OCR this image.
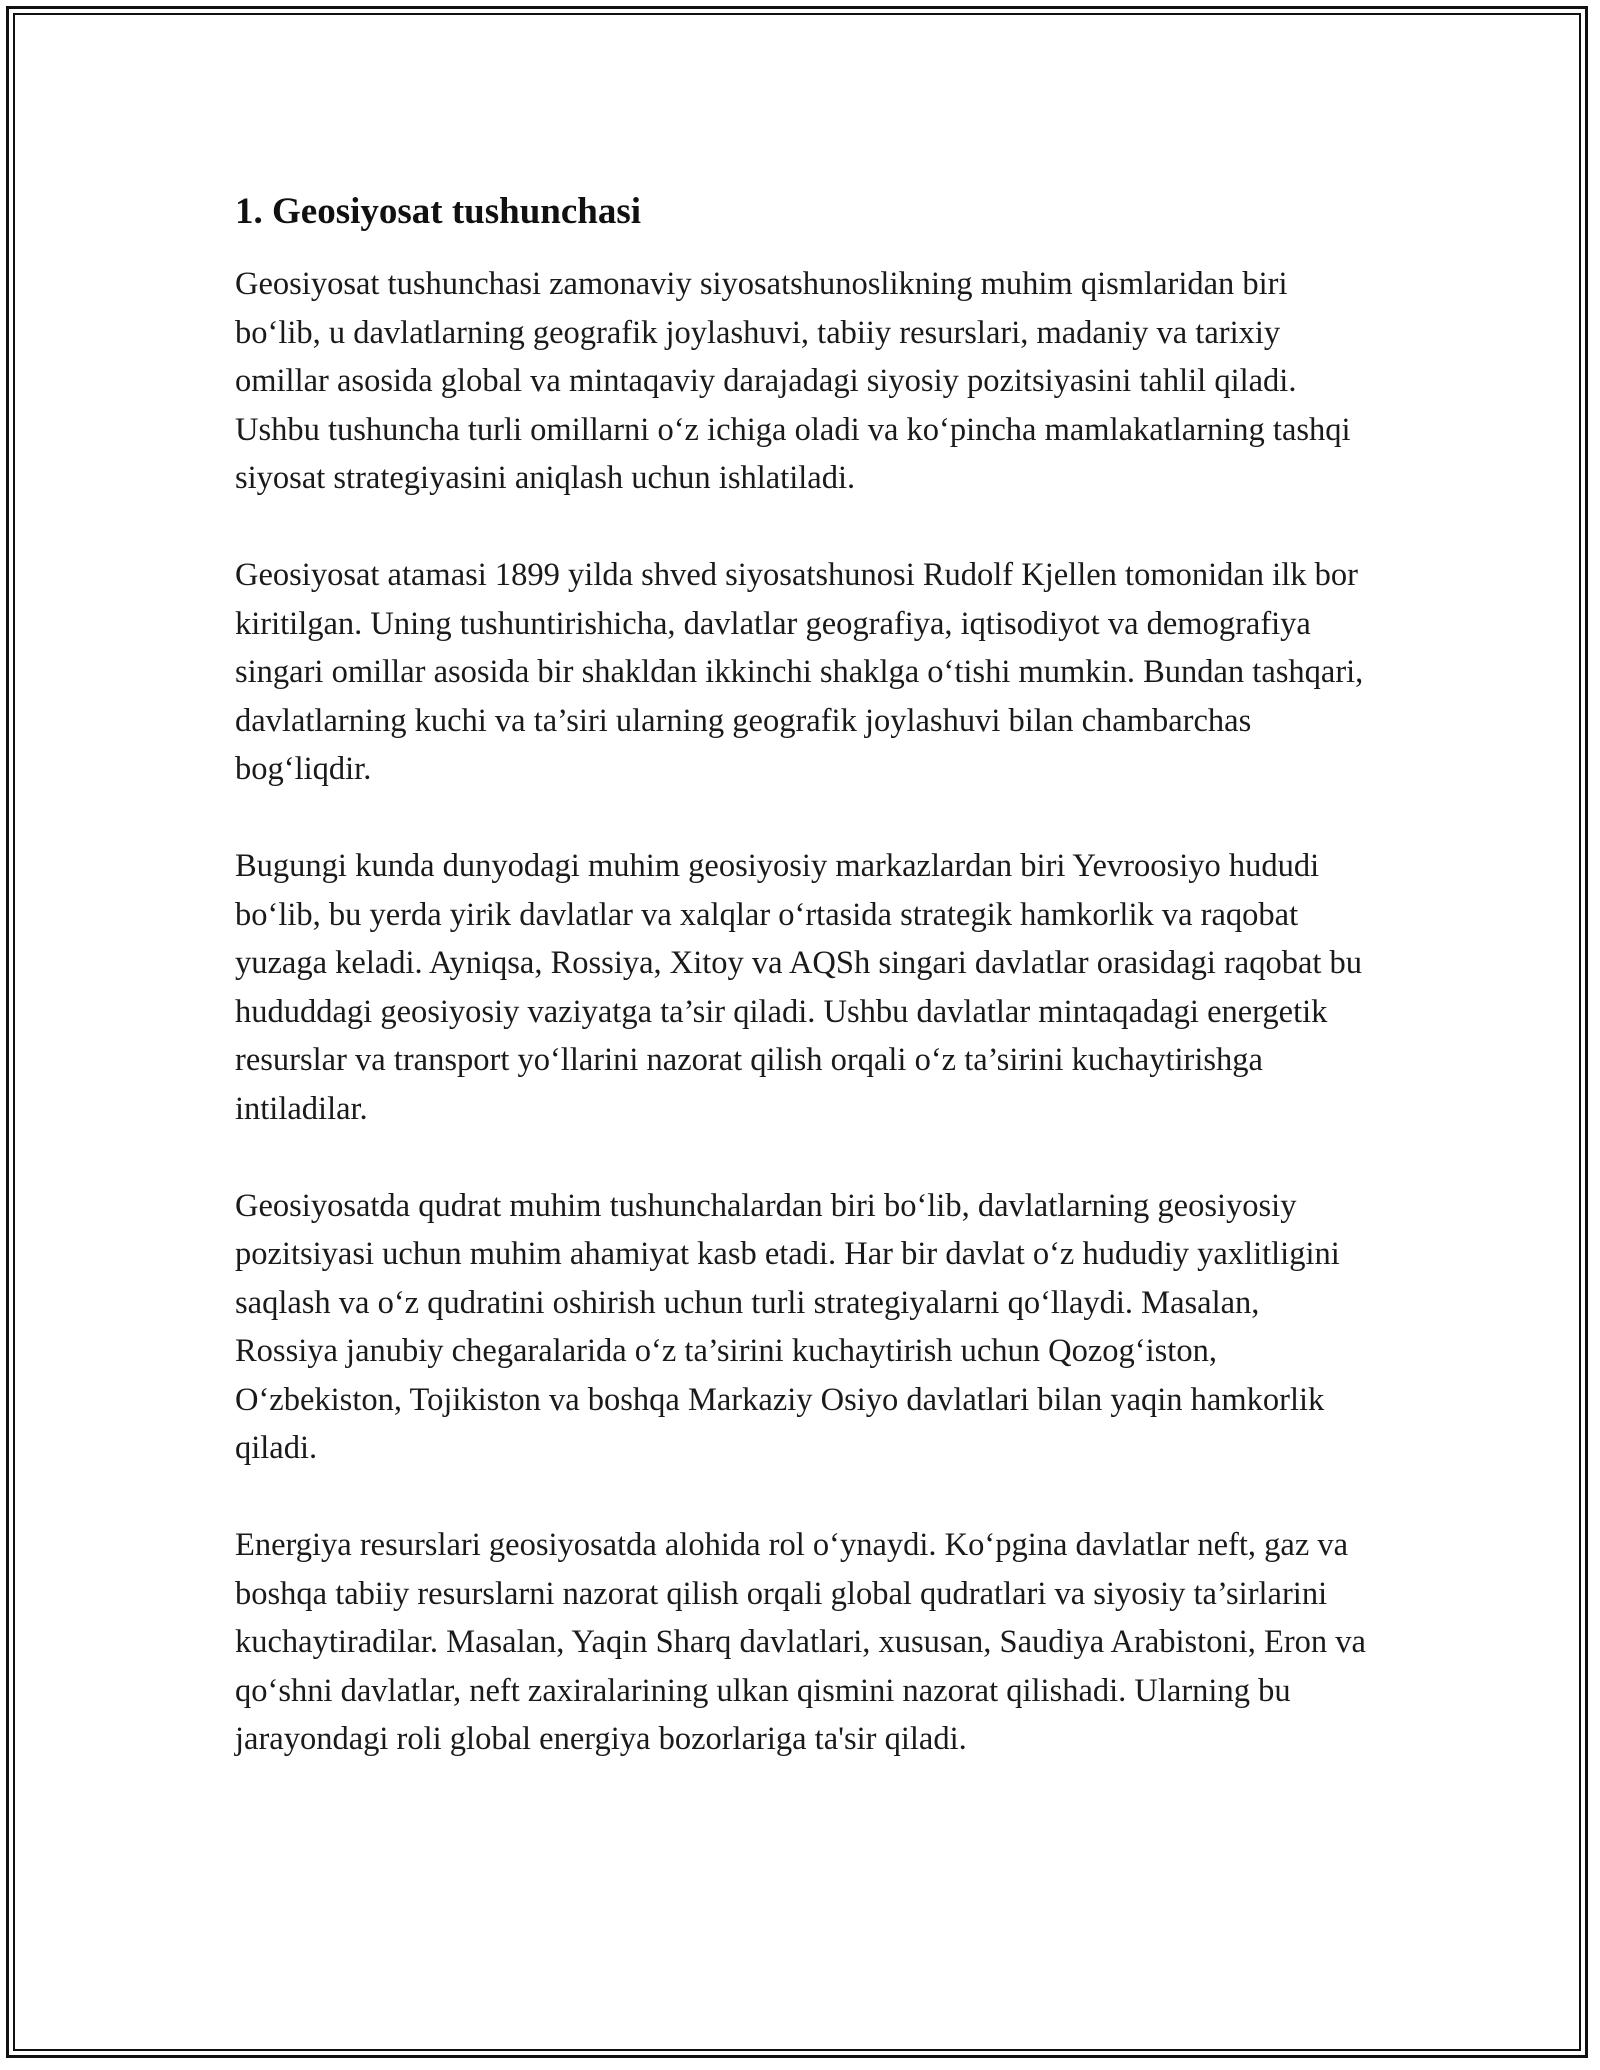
1. Geosiyosat tushunchasi

Geosiyosat tushunchasi zamonaviy siyosatshunoslikning muhim qismlaridan biri bo‘lib, u davlatlarning geografik joylashuvi, tabiiy resurslari, madaniy va tarixiy omillar asosida global va mintaqaviy darajadagi siyosiy pozitsiyasini tahlil qiladi. Ushbu tushuncha turli omillarni o‘z ichiga oladi va ko‘pincha mamlakatlarning tashqi siyosat strategiyasini aniqlash uchun ishlatiladi.

Geosiyosat atamasi 1899 yilda shved siyosatshunosi Rudolf Kjellen tomonidan ilk bor kiritilgan. Uning tushuntirishicha, davlatlar geografiya, iqtisodiyot va demografiya singari omillar asosida bir shakldan ikkinchi shaklga o‘tishi mumkin. Bundan tashqari, davlatlarning kuchi va ta’siri ularning geografik joylashuvi bilan chambarchas bog‘liqdir.

Bugungi kunda dunyodagi muhim geosiyosiy markazlardan biri Yevroosiyo hududi bo‘lib, bu yerda yirik davlatlar va xalqlar o‘rtasida strategik hamkorlik va raqobat yuzaga keladi. Ayniqsa, Rossiya, Xitoy va AQSh singari davlatlar orasidagi raqobat bu hududdagi geosiyosiy vaziyatga ta’sir qiladi. Ushbu davlatlar mintaqadagi energetik resurslar va transport yo‘llarini nazorat qilish orqali o‘z ta’sirini kuchaytirishga intiladilar.

Geosiyosatda qudrat muhim tushunchalardan biri bo‘lib, davlatlarning geosiyosiy pozitsiyasi uchun muhim ahamiyat kasb etadi. Har bir davlat o‘z hududiy yaxlitligini saqlash va o‘z qudratini oshirish uchun turli strategiyalarni qo‘llaydi. Masalan, Rossiya janubiy chegaralarida o‘z ta’sirini kuchaytirish uchun Qozog‘iston, O‘zbekiston, Tojikiston va boshqa Markaziy Osiyo davlatlari bilan yaqin hamkorlik qiladi.

Energiya resurslari geosiyosatda alohida rol o‘ynaydi. Ko‘pgina davlatlar neft, gaz va boshqa tabiiy resurslarni nazorat qilish orqali global qudratlari va siyosiy ta’sirlarini kuchaytiradilar. Masalan, Yaqin Sharq davlatlari, xususan, Saudiya Arabistoni, Eron va qo‘shni davlatlar, neft zaxiralarining ulkan qismini nazorat qilishadi. Ularning bu jarayondagi roli global energiya bozorlariga ta'sir qiladi.
